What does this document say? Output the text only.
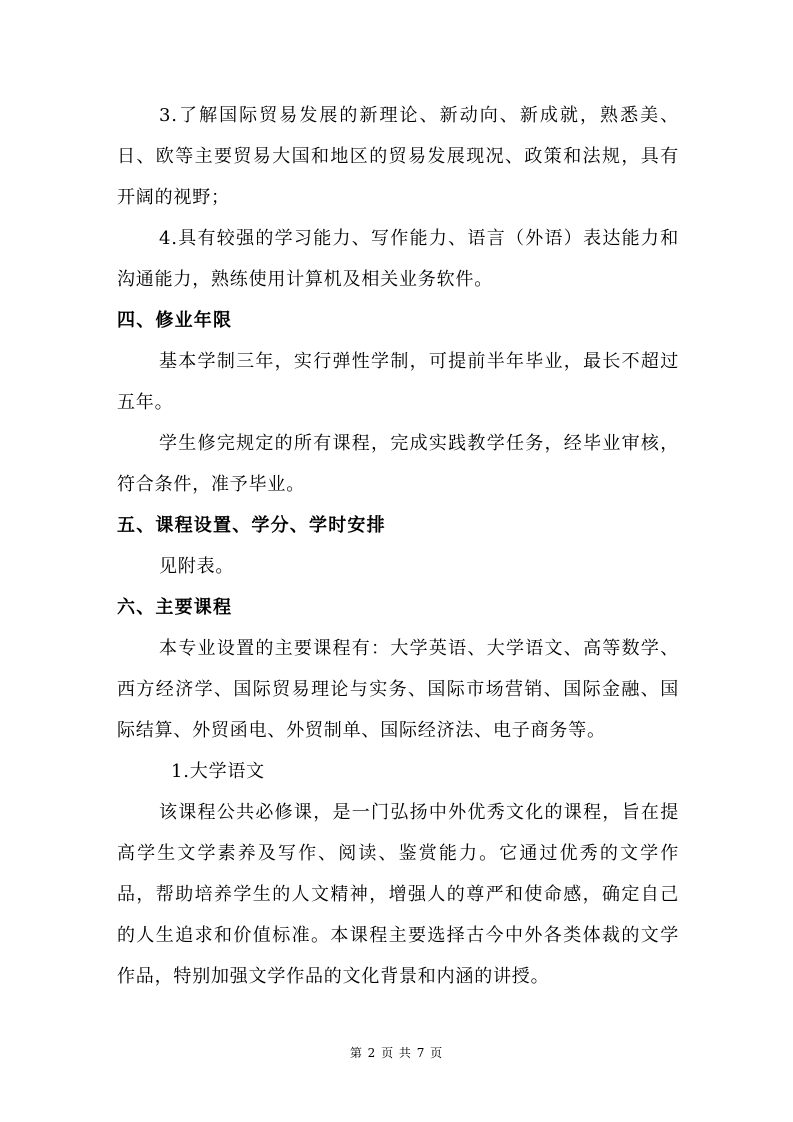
3.了解国际贸易发展的新理论、新动向、新成就，熟悉美、日、欧等主要贸易大国和地区的贸易发展现况、政策和法规，具有开阔的视野；

4.具有较强的学习能力、写作能力、语言（外语）表达能力和沟通能力，熟练使用计算机及相关业务软件。

四、修业年限

基本学制三年，实行弹性学制，可提前半年毕业，最长不超过五年。

学生修完规定的所有课程，完成实践教学任务，经毕业审核，符合条件，准予毕业。

五、课程设置、学分、学时安排

见附表。

六、主要课程

本专业设置的主要课程有：大学英语、大学语文、高等数学、西方经济学、国际贸易理论与实务、国际市场营销、国际金融、国际结算、外贸函电、外贸制单、国际经济法、电子商务等。

1.大学语文

该课程公共必修课，是一门弘扬中外优秀文化的课程，旨在提高学生文学素养及写作、阅读、鉴赏能力。它通过优秀的文学作品，帮助培养学生的人文精神，增强人的尊严和使命感，确定自己的人生追求和价值标准。本课程主要选择古今中外各类体裁的文学作品，特别加强文学作品的文化背景和内涵的讲授。

第 2 页 共 7 页
